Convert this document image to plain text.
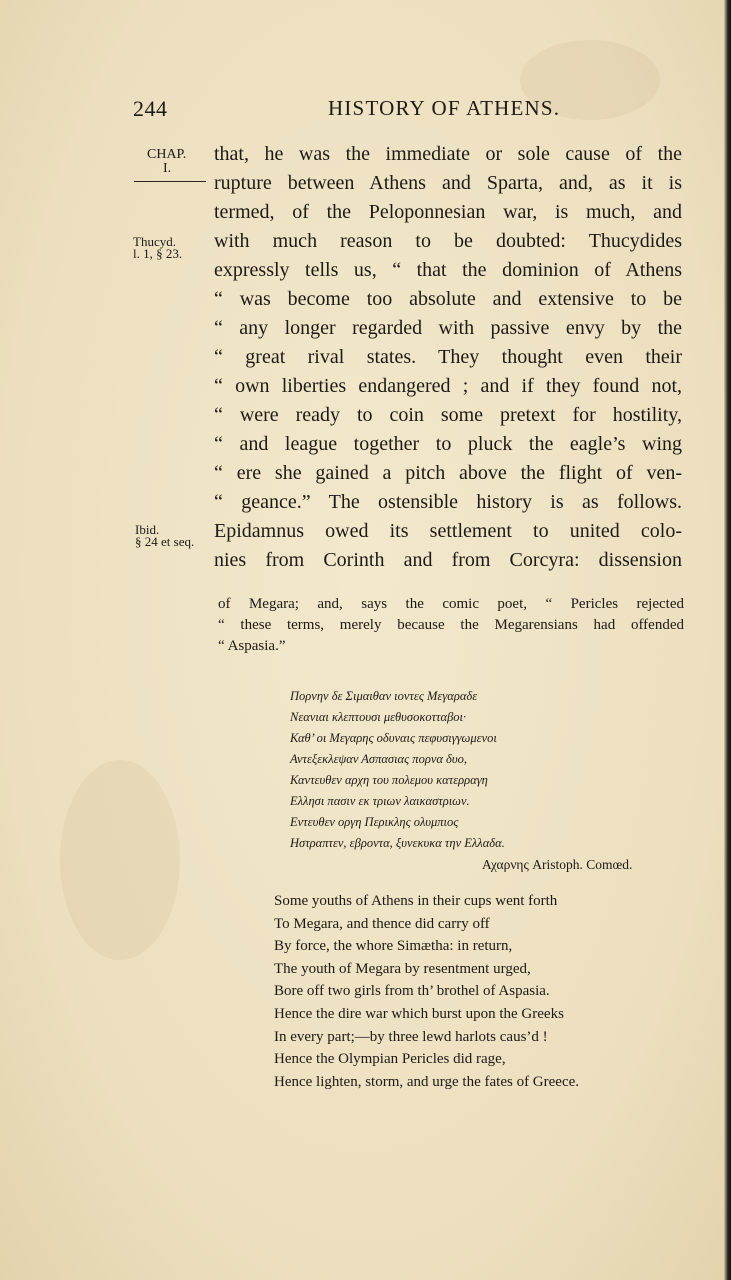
244	HISTORY OF ATHENS.
CHAP.
I.
Thucyd.
l. 1, § 23.
Ibid.
§ 24 et seq.
that, he was the immediate or sole cause of the
rupture between Athens and Sparta, and, as it is
termed, of the Peloponnesian war, is much, and
with much reason to be doubted: Thucydides
expressly tells us, “ that the dominion of Athens
“ was become too absolute and extensive to be
“ any longer regarded with passive envy by the
“ great rival states. They thought even their
“ own liberties endangered ; and if they found not,
“ were ready to coin some pretext for hostility,
“ and league together to pluck the eagle’s wing
“ ere she gained a pitch above the flight of ven-
“ geance.” The ostensible history is as follows.
Epidamnus owed its settlement to united colo-
nies from Corinth and from Corcyra: dissension
of Megara; and, says the comic poet, “ Pericles rejected
“ these terms, merely because the Megarensians had offended
“ Aspasia.”
Πορνην δε Σιμαιθαν ιοντες Μεγαραδε
Νεανιαι κλεπτουσι μεθυσοκοτταβοι·
Καθ’ οι Μεγαρης οδυναις πεφυσιγγωμενοι
Αντεξεκλεψαν Ασπασιας πορνα δυο,
Καντευθεν αρχη του πολεμου κατερραγη
Ελλησι πασιν εκ τριων λαικαστριων.
Εντευθεν οργη Περικλης ολυμπιος
Ηστραπτεν, εβροντα, ξυνεκυκα την Ελλαδα.
Αχαρνης Aristoph. Comœd.
Some youths of Athens in their cups went forth
To Megara, and thence did carry off
By force, the whore Simætha: in return,
The youth of Megara by resentment urged,
Bore off two girls from th’ brothel of Aspasia.
Hence the dire war which burst upon the Greeks
In every part;—by three lewd harlots caus’d !
Hence the Olympian Pericles did rage,
Hence lighten, storm, and urge the fates of Greece.
